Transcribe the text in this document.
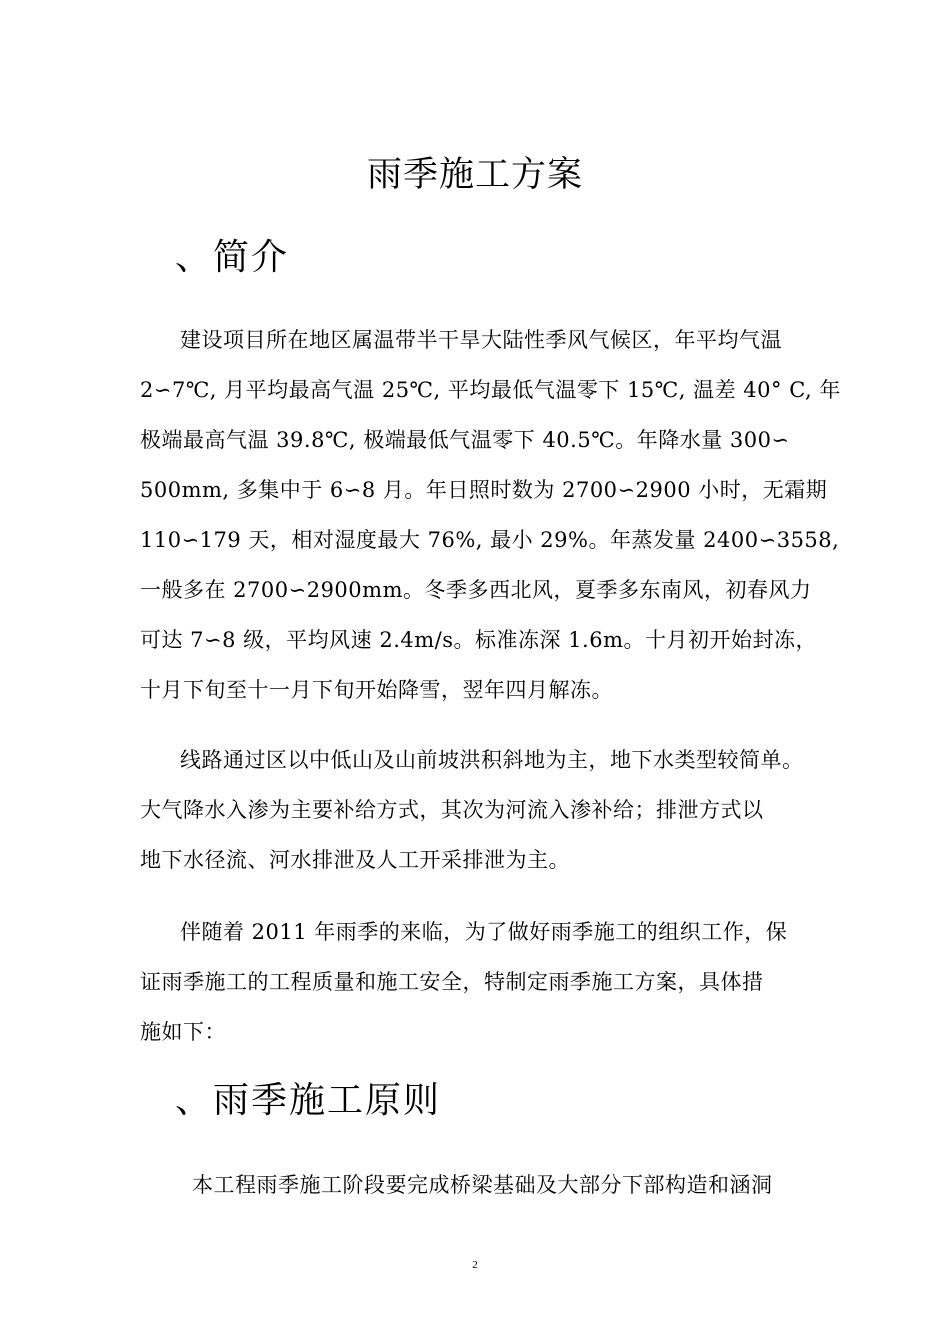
雨季施工方案
、简介
建设项目所在地区属温带半干旱大陆性季风气候区，年平均气温
2∽7℃, 月平均最高气温 25℃, 平均最低气温零下 15℃, 温差 40° C, 年
极端最高气温 39.8℃, 极端最低气温零下 40.5℃。年降水量 300∽
500mm, 多集中于 6∽8 月。年日照时数为 2700∽2900 小时，无霜期
110∽179 天，相对湿度最大 76%, 最小 29%。年蒸发量 2400∽3558,
一般多在 2700∽2900mm。冬季多西北风，夏季多东南风，初春风力
可达 7∽8 级，平均风速 2.4m/s。标准冻深 1.6m。十月初开始封冻，
十月下旬至十一月下旬开始降雪，翌年四月解冻。
线路通过区以中低山及山前坡洪积斜地为主，地下水类型较简单。
大气降水入渗为主要补给方式，其次为河流入渗补给；排泄方式以
地下水径流、河水排泄及人工开采排泄为主。
伴随着 2011 年雨季的来临，为了做好雨季施工的组织工作，保
证雨季施工的工程质量和施工安全，特制定雨季施工方案，具体措
施如下：
、雨季施工原则
本工程雨季施工阶段要完成桥梁基础及大部分下部构造和涵洞
2
